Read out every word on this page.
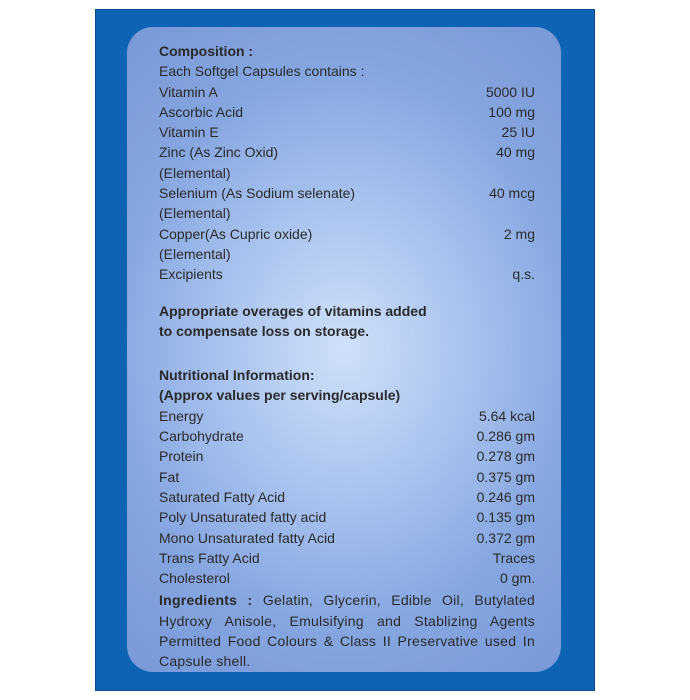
Composition :
Each Softgel Capsules contains :
Vitamin A	5000 IU
Ascorbic Acid	100 mg
Vitamin E	25 IU
Zinc (As Zinc Oxid)	40 mg
(Elemental)
Selenium (As Sodium selenate)	40 mcg
(Elemental)
Copper(As Cupric oxide)	2 mg
(Elemental)
Excipients	q.s.
Appropriate overages of vitamins added
to compensate loss on storage.
Nutritional Information:
(Approx values per serving/capsule)
Energy	5.64 kcal
Carbohydrate	0.286 gm
Protein	0.278 gm
Fat	0.375 gm
Saturated Fatty Acid	0.246 gm
Poly Unsaturated fatty acid	0.135 gm
Mono Unsaturated fatty Acid	0.372 gm
Trans Fatty Acid	Traces
Cholesterol	0 gm.
Ingredients : Gelatin, Glycerin, Edible Oil, Butylated Hydroxy Anisole, Emulsifying and Stablizing Agents Permitted Food Colours & Class II Preservative used In Capsule shell.
